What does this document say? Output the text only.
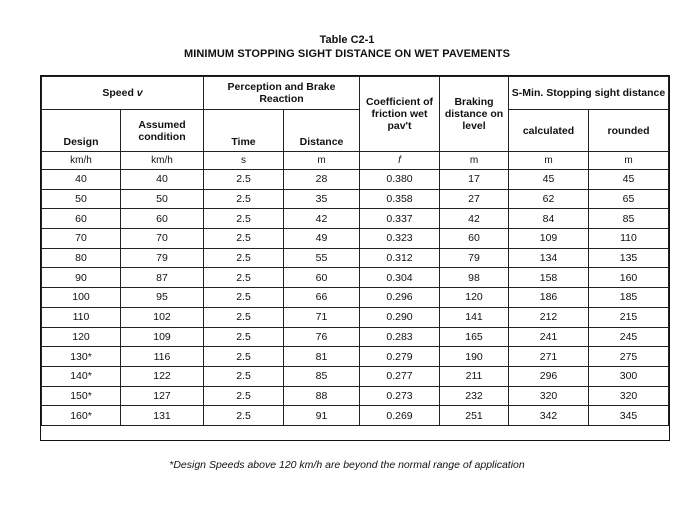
Table C2-1
MINIMUM STOPPING SIGHT DISTANCE ON WET PAVEMENTS
Speed v		Perception and Brake Reaction		Coefficient of friction wet pav't	Braking distance on level	S-Min. Stopping sight distance	
Design	Assumed condition	Time	Distance			calculated	rounded
km/h	km/h	s	m	f	m	m	m
40	40	2.5	28	0.380	17	45	45
50	50	2.5	35	0.358	27	62	65
60	60	2.5	42	0.337	42	84	85
70	70	2.5	49	0.323	60	109	110
80	79	2.5	55	0.312	79	134	135
90	87	2.5	60	0.304	98	158	160
100	95	2.5	66	0.296	120	186	185
110	102	2.5	71	0.290	141	212	215
120	109	2.5	76	0.283	165	241	245
130*	116	2.5	81	0.279	190	271	275
140*	122	2.5	85	0.277	211	296	300
150*	127	2.5	88	0.273	232	320	320
160*	131	2.5	91	0.269	251	342	345
*Design Speeds above 120 km/h are beyond the normal range of application
